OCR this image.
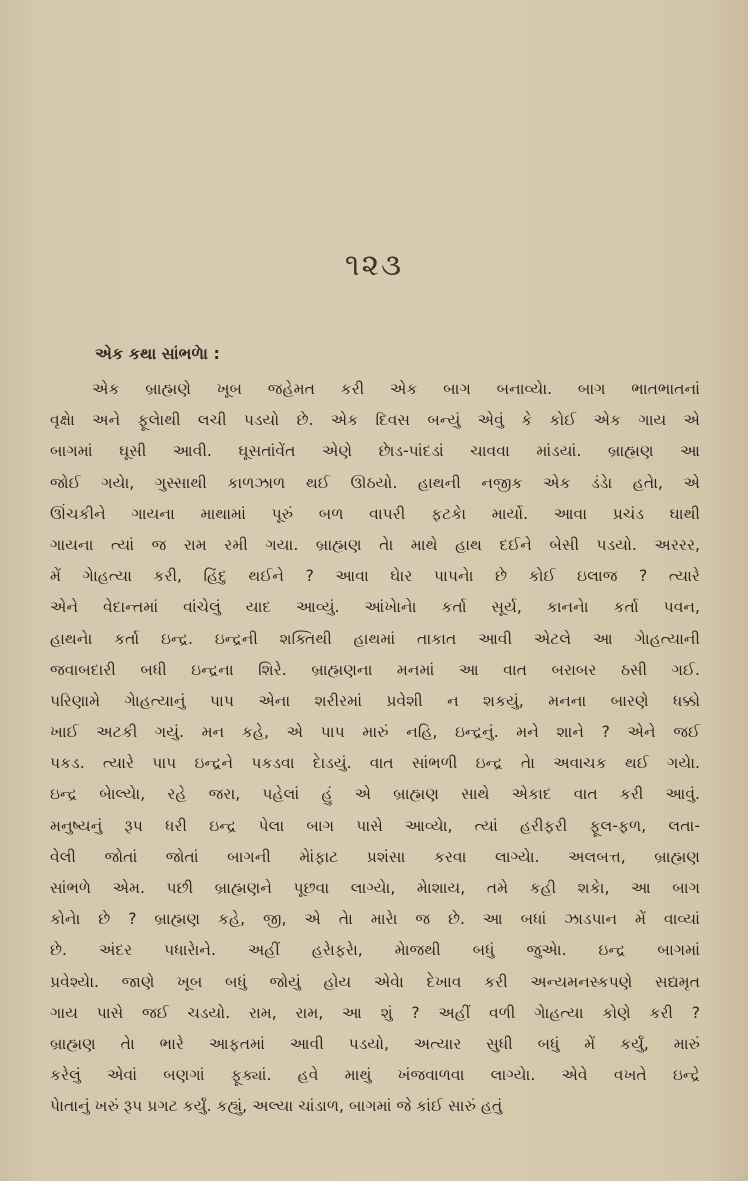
૧૨૩
એક કથા સાંભળેા :
એક બ્રાહ્મણે ખૂબ જહેમત કરી એક બાગ બનાવ્યેા. બાગ ભાતભાતનાં
વૃક્ષેા અને ફૂલેાથી લચી પડયો છે. એક દિવસ બન્યું એવું કે કોઈ એક ગાય એ
બાગમાં ઘૂસી આવી. ઘૂસતાંવેંત એણે છેાડ-પાંદડાં ચાવવા માંડયાં. બ્રાહ્મણ આ
જોઈ ગયેા, ગુસ્સાથી કાળઝાળ થઈ ઊઠયો. હાથની નજીક એક ડંડેા હતેા, એ
ઊંચકીને ગાયના માથામાં પૂરું બળ વાપરી ફટકેા માર્યો. આવા પ્રચંડ ઘાથી
ગાયના ત્યાં જ રામ રમી ગયા. બ્રાહ્મણ તેા માથે હાથ દઈને બેસી પડયો. અરરર,
મેં ગેાહત્યા કરી, હિંદુ થઈને ? આવા ઘેાર પાપનેા છે કોઈ ઇલાજ ? ત્યારે
એને વેદાન્તમાં વાંચેલું યાદ આવ્યું. આંખેાનેા કર્તા સૂર્ય, કાનનેા કર્તા પવન,
હાથનેા કર્તા ઇન્દ્ર. ઇન્દ્રની શક્તિથી હાથમાં તાકાત આવી એટલે આ ગેાહત્યાની
જવાબદારી બધી ઇન્દ્રના શિરે. બ્રાહ્મણના મનમાં આ વાત બરાબર ઠસી ગઈ.
પરિણામે ગેાહત્યાનું પાપ એના શરીરમાં પ્રવેશી ન શકયું, મનના બારણે ધક્કો
ખાઈ અટકી ગયું. મન કહે, એ પાપ મારું નહિ, ઇન્દ્રનું. મને શાને ? એને જઈ
પકડ. ત્યારે પાપ ઇન્દ્રને પકડવા દેાડયું. વાત સાંભળી ઇન્દ્ર તેા અવાચક થઈ ગયેા.
ઇન્દ્ર બેાલ્યેા, રહે જરા, પહેલાં હું એ બ્રાહ્મણ સાથે એકાદ વાત કરી આવું.
મનુષ્યનું રૂપ ધરી ઇન્દ્ર પેલા બાગ પાસે આવ્યેા, ત્યાં હરીફરી ફૂલ-ફળ, લતા-
વેલી જોતાં જોતાં બાગની મેાંફાટ પ્રશંસા કરવા લાગ્યેા. અલબત્ત, બ્રાહ્મણ
સાંભળે એમ. પછી બ્રાહ્મણને પૂછવા લાગ્યેા, મેાશાય, તમે કહી શકેા, આ બાગ
કોનેા છે ? બ્રાહ્મણ કહે, જી, એ તેા મારેા જ છે. આ બધાં ઝાડપાન મેં વાવ્યાં
છે. અંદર પધારેાને. અહીં હરેાફરેા, મેાજથી બધું જુએા. ઇન્દ્ર બાગમાં
પ્રવેશ્યેા. જાણે ખૂબ બધું જોયું હોય એવેા દેખાવ કરી અન્યમનસ્કપણે સદ્યમૃત
ગાય પાસે જઈ ચડયો. રામ, રામ, આ શું ? અહીં વળી ગેાહત્યા કોણે કરી ?
બ્રાહ્મણ તેા ભારે આફતમાં આવી પડયો, અત્યાર સુધી બધું મેં કર્યું, મારું
કરેલું એવાં બણગાં ફૂક્યાં. હવે માથું ખંજવાળવા લાગ્યેા. એવે વખતે ઇન્દ્રે
પેાતાનું ખરું રૂપ પ્રગટ કર્યું. કહ્યું, અલ્યા ચાંડાળ, બાગમાં જે કાંઈ સારું હતું
